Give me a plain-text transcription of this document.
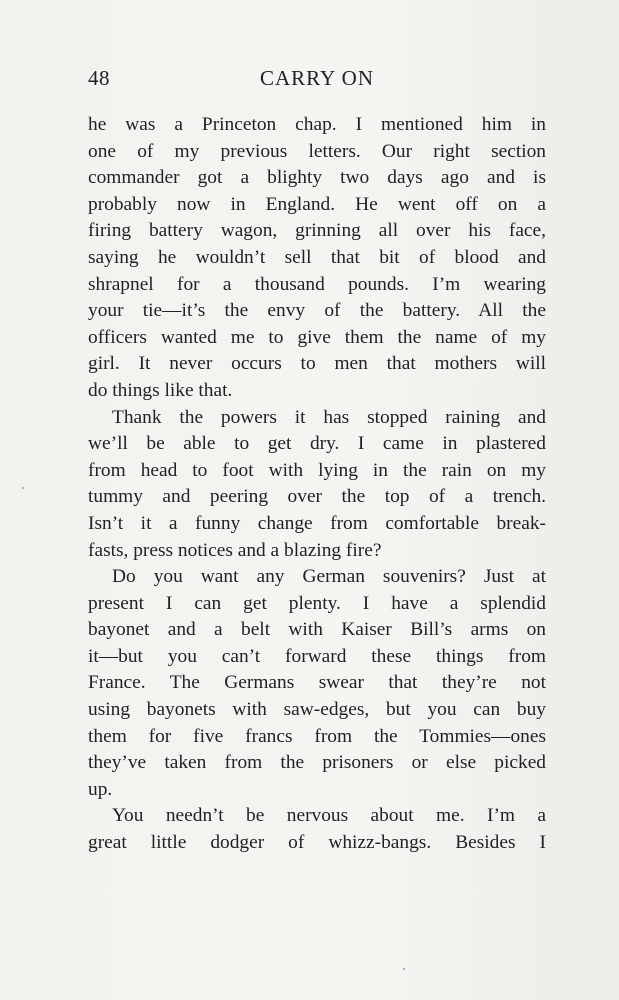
48	CARRY ON
he was a Princeton chap. I mentioned him in
one of my previous letters. Our right section
commander got a blighty two days ago and is
probably now in England. He went off on a
firing battery wagon, grinning all over his face,
saying he wouldn’t sell that bit of blood and
shrapnel for a thousand pounds. I’m wearing
your tie—it’s the envy of the battery. All the
officers wanted me to give them the name of my
girl. It never occurs to men that mothers will
do things like that.
Thank the powers it has stopped raining and
we’ll be able to get dry. I came in plastered
from head to foot with lying in the rain on my
tummy and peering over the top of a trench.
Isn’t it a funny change from comfortable break-
fasts, press notices and a blazing fire?
Do you want any German souvenirs? Just at
present I can get plenty. I have a splendid
bayonet and a belt with Kaiser Bill’s arms on
it—but you can’t forward these things from
France. The Germans swear that they’re not
using bayonets with saw-edges, but you can buy
them for five francs from the Tommies—ones
they’ve taken from the prisoners or else picked
up.
You needn’t be nervous about me. I’m a
great little dodger of whizz-bangs. Besides I
